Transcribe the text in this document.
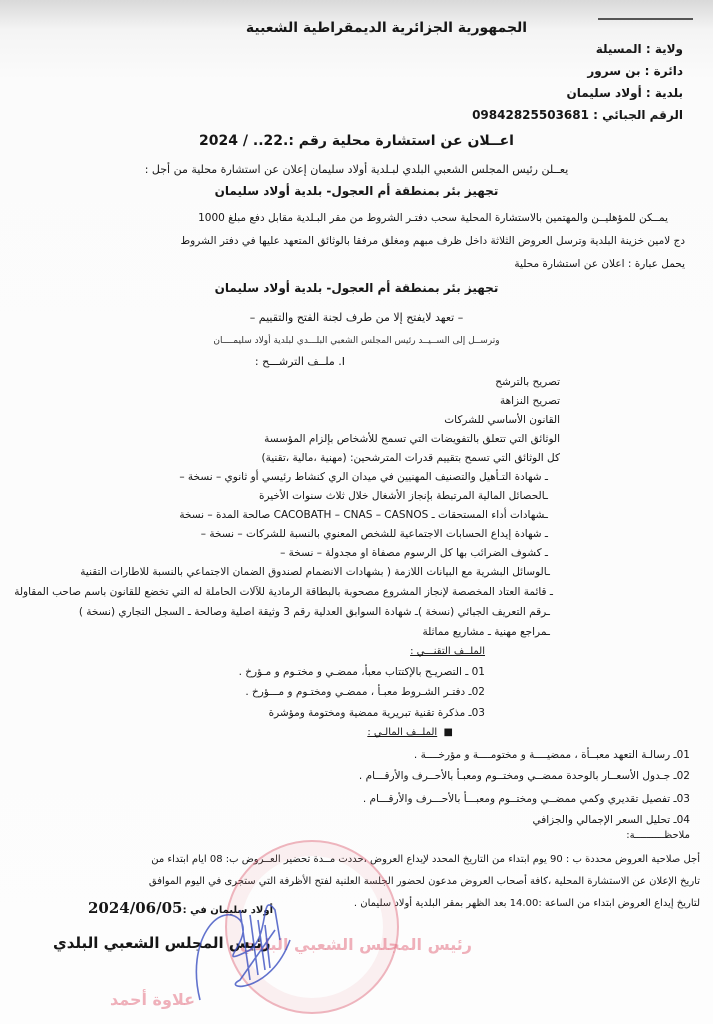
الجمهورية الجزائرية الديمقراطية الشعبية
ولاية : المسيلة
دائرة : بن سرور
بلدية : أولاد سليمان
الرقم الجبائي : 09842825503681
اعــلان عن استشارة محلية رقم :.22.. / 2024
يعــلن رئيس المجلس الشعبي البلدي لبـلدية أولاد سليمان إعلان عن استشارة محلية من أجل :
تجهيز بئر بمنطقة أم العجول- بلدية أولاد سليمان
يمــكن للمؤهليــن والمهتمين بالاستشارة المحلية سحب دفتـر الشروط من مقر البـلدية مقابل دفع مبلغ 1000
دج لامين خزينة البلدية وترسل العروض الثلاثة داخل ظرف مبهم ومغلق مرفقا بالوثائق المتعهد عليها في دفتر الشروط
يحمل عبارة : اعلان عن استشارة محلية
تجهيز بئر بمنطقة أم العجول- بلدية أولاد سليمان
– تعهد لايفتح إلا من طرف لجنة الفتح والتقييم –
وترســل إلى الســيــد رئيس المجلس الشعبي البلـــدي لبلدية أولاد سليمــــان
I. ملــف الترشـــح :
تصريح بالترشح
تصريح النزاهة
القانون الأساسي للشركات
الوثائق التي تتعلق بالتفويضات التي تسمح للأشخاص بإلزام المؤسسة
كل الوثائق التي تسمح بتقييم قدرات المترشحين: (مهنية ،مالية ،تقنية)
ـ شهادة التـأهيل والتصنيف المهنيين في ميدان الري كنشاط رئيسي أو ثانوي – نسخة –
ـالحصائل المالية المرتبطة بإنجاز الأشغال خلال ثلاث سنوات الأخيرة
ـشهادات أداء المستحقات ـ CACOBATH – CNAS – CASNOS صالحة المدة – نسخة
ـ شهادة إيداع الحسابات الاجتماعية للشخص المعنوي بالنسبة للشركات – نسخة –
ـ كشوف الضرائب بها كل الرسوم مصفاة او مجدولة – نسخة –
ـالوسائل البشرية مع البيانات اللازمة ( بشهادات الانضمام لصندوق الضمان الاجتماعي بالنسبة للاطارات التقنية
ـ قائمة العتاد المخصصة لإنجاز المشروع مصحوبة بالبطاقة الرمادية للآلات الحاملة له التي تخضع للقانون باسم صاحب المقاولة
ـرقم التعريف الجبائي (نسخة )ـ شهادة السوابق العدلية رقم 3 وثيقة اصلية وصالحة ـ السجل التجاري (نسخة )
ـمراجع مهنية ـ مشاريع مماثلة
الملــف التقنـــي :
01 ـ التصريـح بالإكتتاب معبأ، ممضـي و مختـوم و مـؤرخ .
02ـ دفتـر الشـروط معبـأ ، ممضـي ومختـوم و مـــؤرخ .
03ـ مذكرة تقنية تبريرية ممضية ومختومة ومؤشرة
■  الملــف المالـي :
01ـ رسالـة التعهد معبــأة ، ممضيــــة و مختومــــة و مؤرخــــة .
02ـ جـدول الأسعــار بالوحدة ممضــي ومختــوم ومعبـأ بالأحــرف والأرقـــام .
03ـ تفصيل تقديري وكمي ممضــي ومختــوم ومعبـــأ بالأحـــرف والأرقـــام .
04ـ تحليل السعر الإجمالي والجزافي
ملاحظــــــــــة:
أجل صلاحية العروض محددة ب : 90 يوم ابتداء من التاريخ المحدد لإيداع العروض ،حددت مــدة تحضير العــروض ب: 08 ايام ابتداء من
تاريخ الإعلان عن الاستشارة المحلية ،كافة أصحاب العروض مدعون لحضور الجلسة العلنية لفتح الأظرفة التي ستجرى في اليوم الموافق
لتاريخ إيداع العروض ابتداء من الساعة :14.00 بعد الظهر بمقر البلدية أولاد سليمان .
رئيس المجلس الشعبي البلدي
علاوة أحمد
أولاد سليمان في :
2024/06/05
رئيس المجلس الشعبي البلدي
